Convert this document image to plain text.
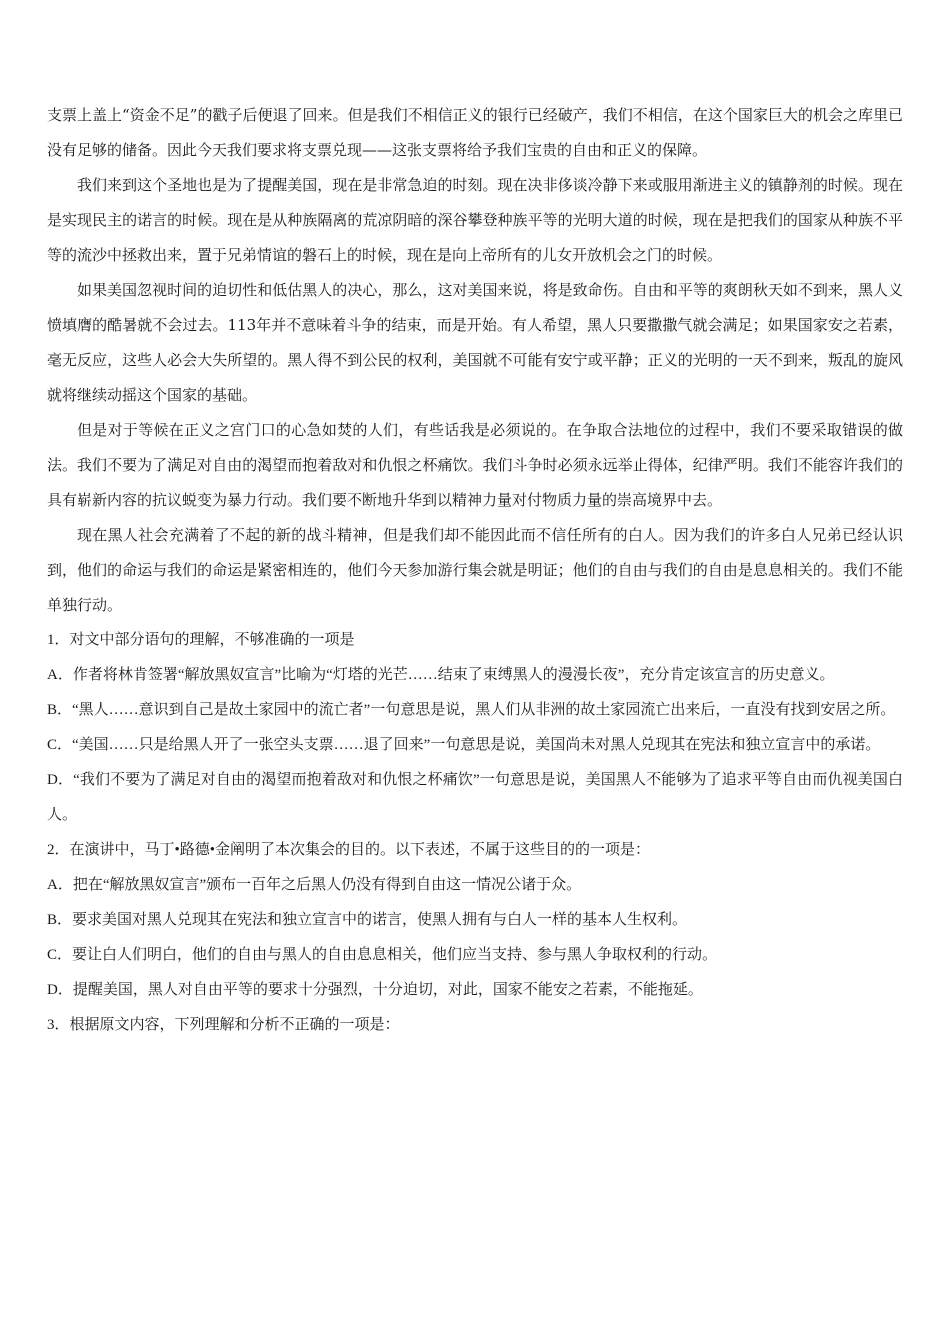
支票上盖上“资金不足”的戳子后便退了回来。但是我们不相信正义的银行已经破产，我们不相信，在这个国家巨大的机会之库里已没有足够的储备。因此今天我们要求将支票兑现——这张支票将给予我们宝贵的自由和正义的保障。

我们来到这个圣地也是为了提醒美国，现在是非常急迫的时刻。现在决非侈谈冷静下来或服用渐进主义的镇静剂的时候。现在是实现民主的诺言的时候。现在是从种族隔离的荒凉阴暗的深谷攀登种族平等的光明大道的时候，现在是把我们的国家从种族不平等的流沙中拯救出来，置于兄弟情谊的磐石上的时候，现在是向上帝所有的儿女开放机会之门的时候。

如果美国忽视时间的迫切性和低估黑人的决心，那么，这对美国来说，将是致命伤。自由和平等的爽朗秋天如不到来，黑人义愤填膺的酷暑就不会过去。113年并不意味着斗争的结束，而是开始。有人希望，黑人只要撒撒气就会满足；如果国家安之若素，毫无反应，这些人必会大失所望的。黑人得不到公民的权利，美国就不可能有安宁或平静；正义的光明的一天不到来，叛乱的旋风就将继续动摇这个国家的基础。

但是对于等候在正义之宫门口的心急如焚的人们，有些话我是必须说的。在争取合法地位的过程中，我们不要采取错误的做法。我们不要为了满足对自由的渴望而抱着敌对和仇恨之杯痛饮。我们斗争时必须永远举止得体，纪律严明。我们不能容许我们的具有崭新内容的抗议蜕变为暴力行动。我们要不断地升华到以精神力量对付物质力量的崇高境界中去。

现在黑人社会充满着了不起的新的战斗精神，但是我们却不能因此而不信任所有的白人。因为我们的许多白人兄弟已经认识到，他们的命运与我们的命运是紧密相连的，他们今天参加游行集会就是明证；他们的自由与我们的自由是息息相关的。我们不能单独行动。

1．对文中部分语句的理解，不够准确的一项是

A．作者将林肯签署“解放黑奴宣言”比喻为“灯塔的光芒……结束了束缚黑人的漫漫长夜”，充分肯定该宣言的历史意义。

B．“黑人……意识到自己是故土家园中的流亡者”一句意思是说，黑人们从非洲的故土家园流亡出来后，一直没有找到安居之所。

C．“美国……只是给黑人开了一张空头支票……退了回来”一句意思是说，美国尚未对黑人兑现其在宪法和独立宣言中的承诺。

D．“我们不要为了满足对自由的渴望而抱着敌对和仇恨之杯痛饮”一句意思是说，美国黑人不能够为了追求平等自由而仇视美国白人。

2．在演讲中，马丁•路德•金阐明了本次集会的目的。以下表述，不属于这些目的的一项是：

A．把在“解放黑奴宣言”颁布一百年之后黑人仍没有得到自由这一情况公诸于众。

B．要求美国对黑人兑现其在宪法和独立宣言中的诺言，使黑人拥有与白人一样的基本人生权利。

C．要让白人们明白，他们的自由与黑人的自由息息相关，他们应当支持、参与黑人争取权利的行动。

D．提醒美国，黑人对自由平等的要求十分强烈，十分迫切，对此，国家不能安之若素，不能拖延。

3．根据原文内容，下列理解和分析不正确的一项是：
